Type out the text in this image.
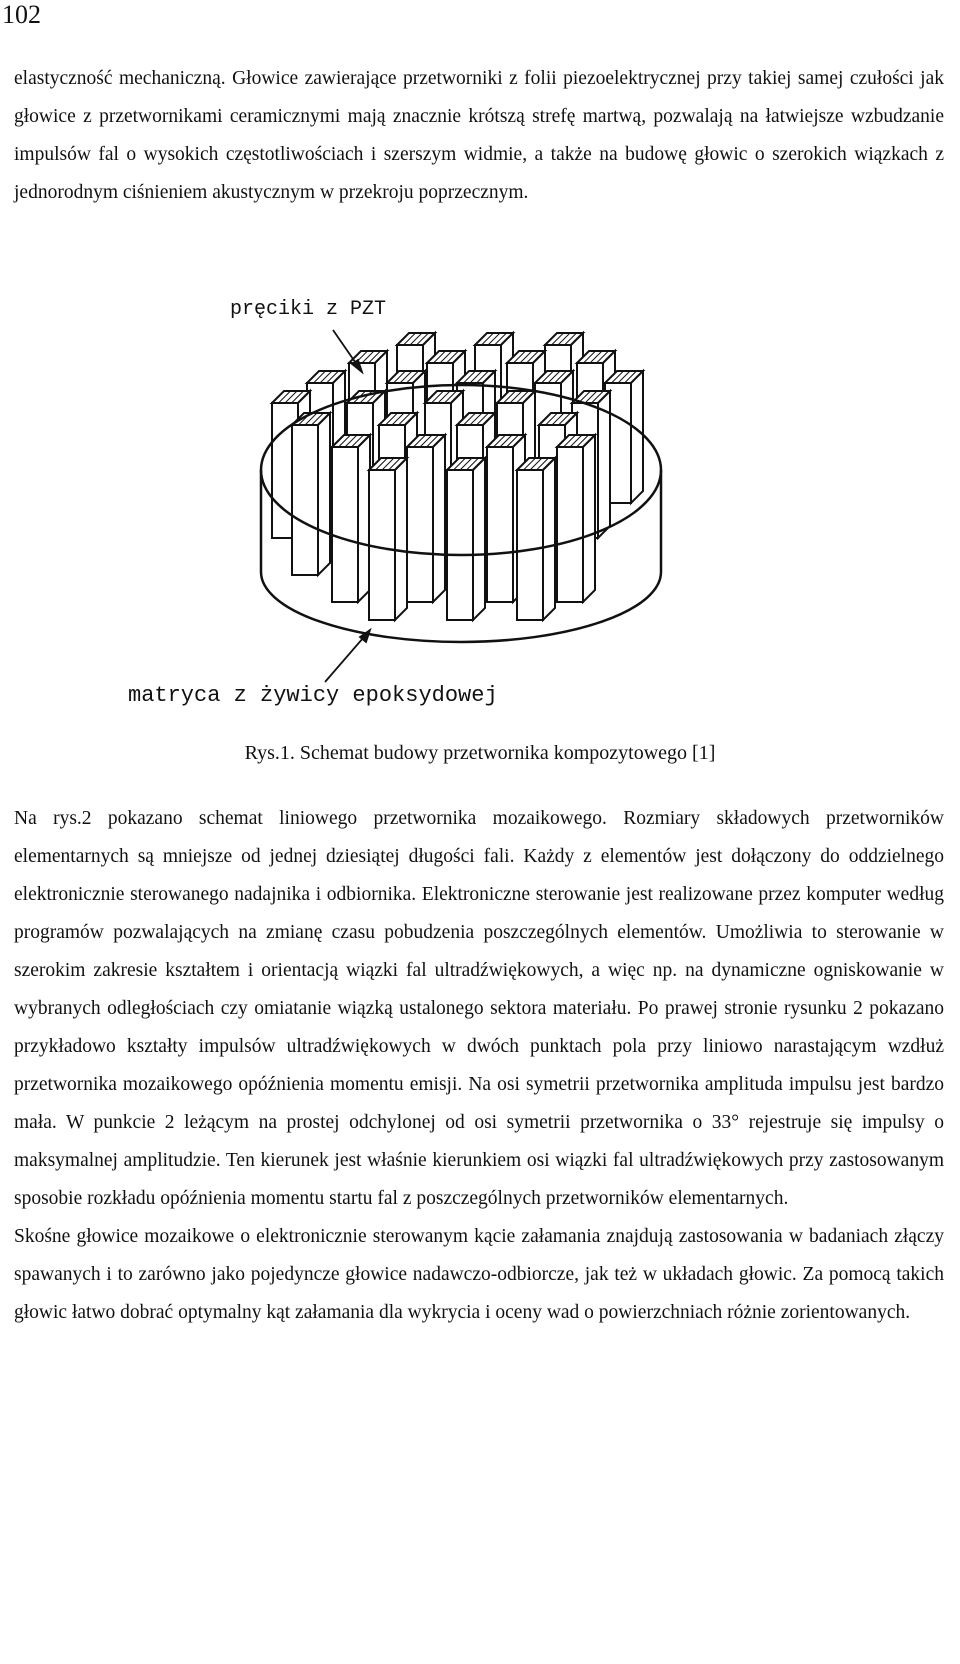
102

elastyczność mechaniczną. Głowice zawierające przetworniki z folii piezoelektrycznej przy takiej samej czułości jak głowice z przetwornikami ceramicznymi mają znacznie krótszą strefę martwą, pozwalają na łatwiejsze wzbudzanie impulsów fal o wysokich częstotliwościach i szerszym widmie, a także na budowę głowic o szerokich wiązkach z jednorodnym ciśnieniem akustycznym w przekroju poprzecznym.

pręciki z PZT
matryca z żywicy epoksydowej
Rys.1. Schemat budowy przetwornika kompozytowego [1]

Na rys.2 pokazano schemat liniowego przetwornika mozaikowego. Rozmiary składowych przetworników elementarnych są mniejsze od jednej dziesiątej długości fali. Każdy z elementów jest dołączony do oddzielnego elektronicznie sterowanego nadajnika i odbiornika. Elektroniczne sterowanie jest realizowane przez komputer według programów pozwalających na zmianę czasu pobudzenia poszczególnych elementów. Umożliwia to sterowanie w szerokim zakresie kształtem i orientacją wiązki fal ultradźwiękowych, a więc np. na dynamiczne ogniskowanie w wybranych odległościach czy omiatanie wiązką ustalonego sektora materiału. Po prawej stronie rysunku 2 pokazano przykładowo kształty impulsów ultradźwiękowych w dwóch punktach pola przy liniowo narastającym wzdłuż przetwornika mozaikowego opóźnienia momentu emisji. Na osi symetrii przetwornika amplituda impulsu jest bardzo mała. W punkcie 2 leżącym na prostej odchylonej od osi symetrii przetwornika o 33° rejestruje się impulsy o maksymalnej amplitudzie. Ten kierunek jest właśnie kierunkiem osi wiązki fal ultradźwiękowych przy zastosowanym sposobie rozkładu opóźnienia momentu startu fal z poszczególnych przetworników elementarnych.
Skośne głowice mozaikowe o elektronicznie sterowanym kącie załamania znajdują zastosowania w badaniach złączy spawanych i to zarówno jako pojedyncze głowice nadawczo-odbiorcze, jak też w układach głowic. Za pomocą takich głowic łatwo dobrać optymalny kąt załamania dla wykrycia i oceny wad o powierzchniach różnie zorientowanych.
